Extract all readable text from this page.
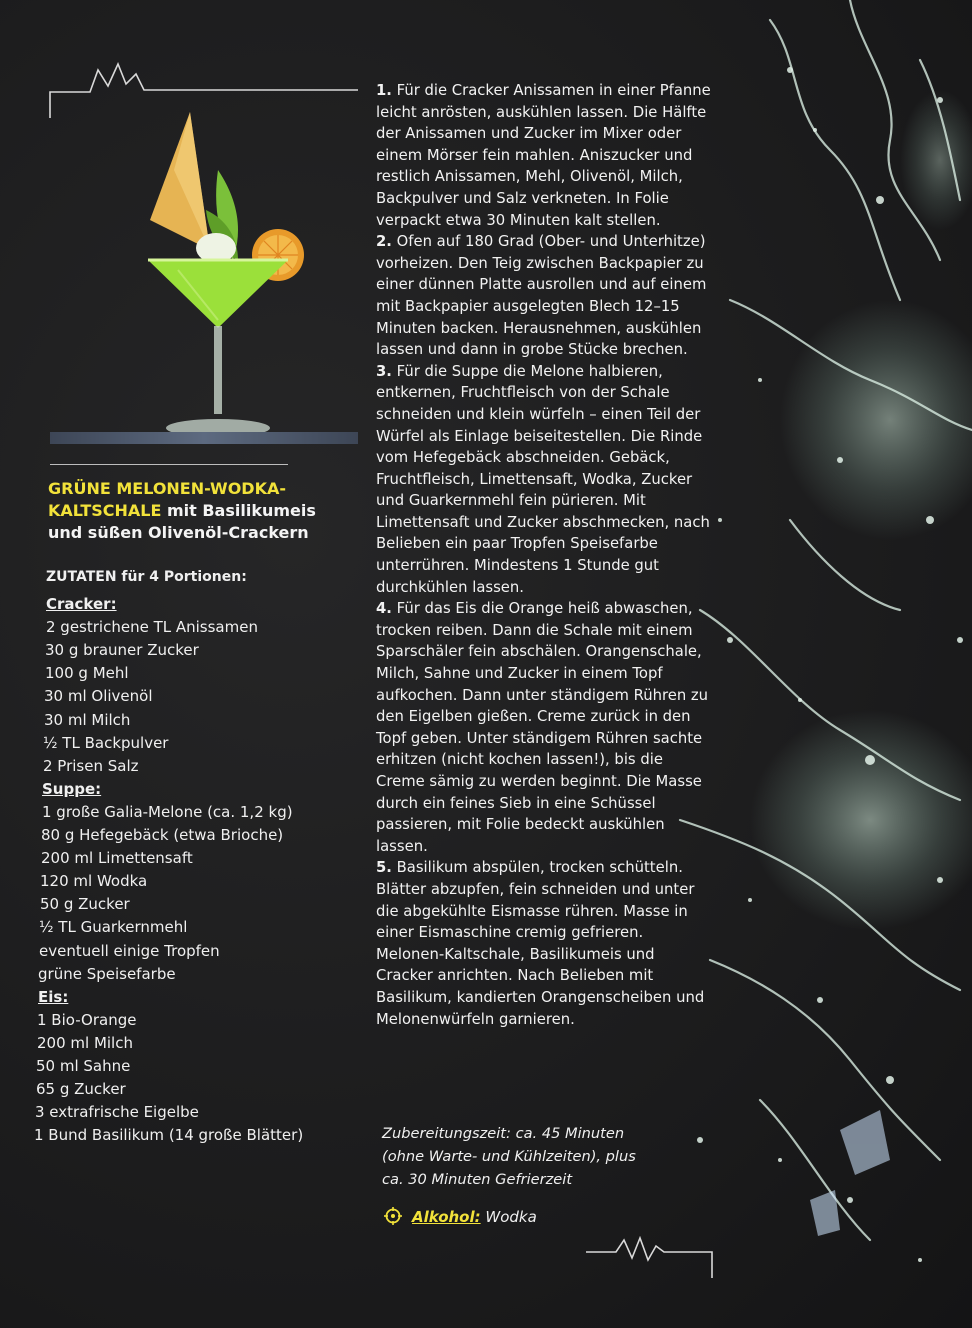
GRÜNE MELONEN-WODKA-
KALTSCHALE mit Basilikumeis
und süßen Olivenöl-Crackern
ZUTATEN für 4 Portionen:
Cracker:
2 gestrichene TL Anissamen
30 g brauner Zucker
100 g Mehl
30 ml Olivenöl
30 ml Milch
½ TL Backpulver
2 Prisen Salz
Suppe:
1 große Galia-Melone (ca. 1,2 kg)
80 g Hefegebäck (etwa Brioche)
200 ml Limettensaft
120 ml Wodka
50 g Zucker
½ TL Guarkernmehl
eventuell einige Tropfen
grüne Speisefarbe
Eis:
1 Bio-Orange
200 ml Milch
50 ml Sahne
65 g Zucker
3 extrafrische Eigelbe
1 Bund Basilikum (14 große Blätter)

1. Für die Cracker Anissamen in einer Pfanne leicht anrösten, auskühlen lassen. Die Hälfte der Anissamen und Zucker im Mixer oder einem Mörser fein mahlen. Aniszucker und restlich Anissamen, Mehl, Olivenöl, Milch, Backpulver und Salz verkneten. In Folie verpackt etwa 30 Minuten kalt stellen.

2. Ofen auf 180 Grad (Ober- und Unterhitze) vorheizen. Den Teig zwischen Backpapier zu einer dünnen Platte ausrollen und auf einem mit Backpapier ausgelegten Blech 12–15 Minuten backen. Herausnehmen, auskühlen lassen und dann in grobe Stücke brechen.

3. Für die Suppe die Melone halbieren, entkernen, Fruchtfleisch von der Schale schneiden und klein würfeln – einen Teil der Würfel als Einlage beiseitestellen. Die Rinde vom Hefegebäck abschneiden. Gebäck, Fruchtfleisch, Limettensaft, Wodka, Zucker und Guarkernmehl fein pürieren. Mit Limettensaft und Zucker abschmecken, nach Belieben ein paar Tropfen Speisefarbe unterrühren. Mindestens 1 Stunde gut durchkühlen lassen.

4. Für das Eis die Orange heiß abwaschen, trocken reiben. Dann die Schale mit einem Sparschäler fein abschälen. Orangenschale, Milch, Sahne und Zucker in einem Topf aufkochen. Dann unter ständigem Rühren zu den Eigelben gießen. Creme zurück in den Topf geben. Unter ständigem Rühren sachte erhitzen (nicht kochen lassen!), bis die Creme sämig zu werden beginnt. Die Masse durch ein feines Sieb in eine Schüssel passieren, mit Folie bedeckt auskühlen lassen.

5. Basilikum abspülen, trocken schütteln. Blätter abzupfen, fein schneiden und unter die abgekühlte Eismasse rühren. Masse in einer Eismaschine cremig gefrieren. Melonen-Kaltschale, Basilikumeis und Cracker anrichten. Nach Belieben mit Basilikum, kandierten Orangenscheiben und Melonenwürfeln garnieren.

Zubereitungszeit: ca. 45 Minuten
(ohne Warte- und Kühlzeiten), plus
ca. 30 Minuten Gefrierzeit
Alkohol: Wodka
